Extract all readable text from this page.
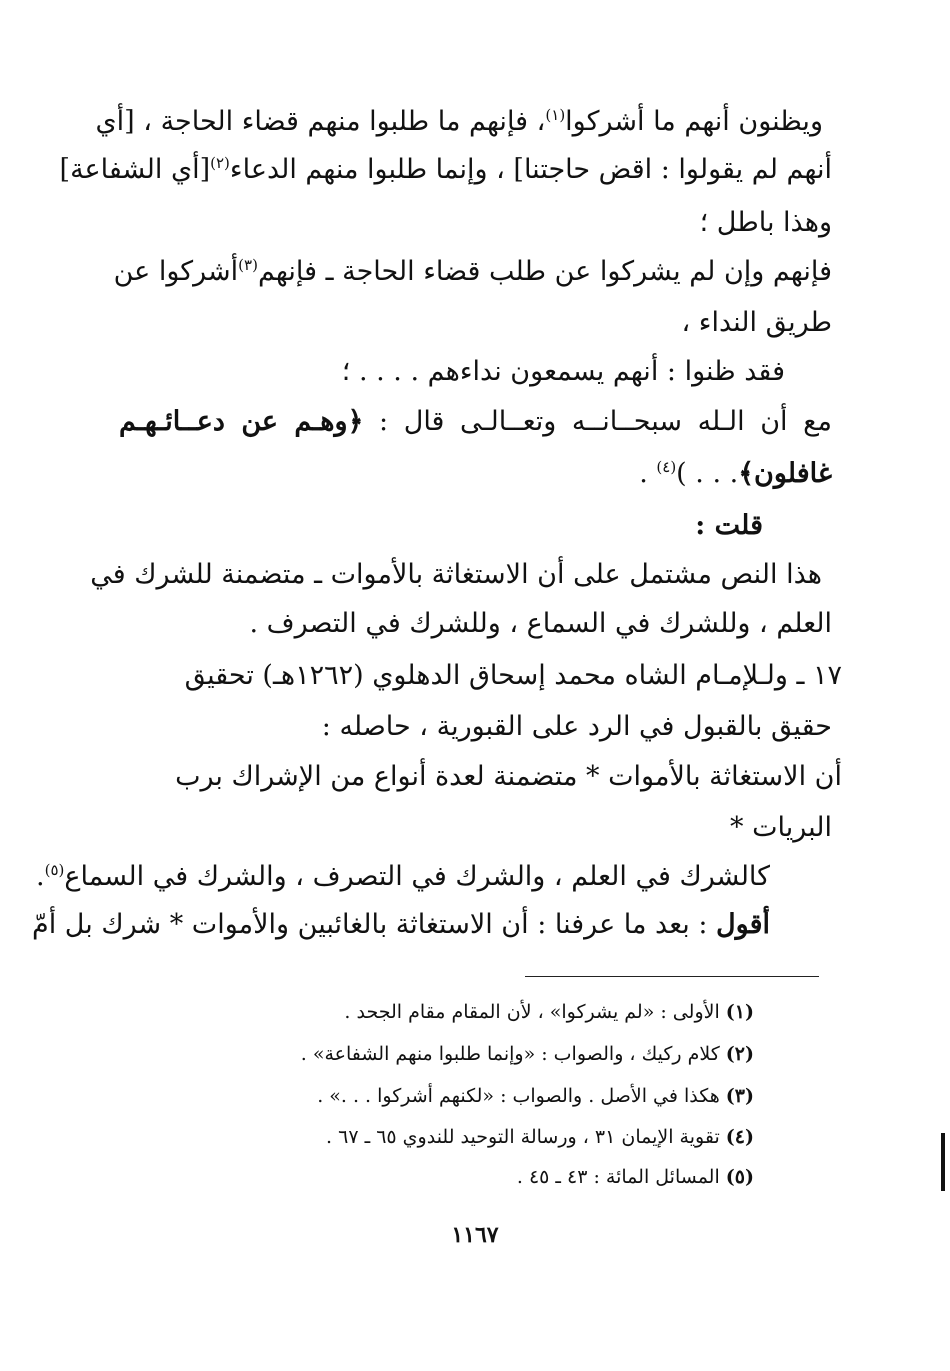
ويظنون أنهم ما أشركوا$^{(١)}$، فإنهم ما طلبوا منهم قضاء الحاجة ، [أي
أنهم لم يقولوا : اقض حاجتنا] ، وإنما طلبوا منهم الدعاء$^{(٢)}$[أي الشفاعة]
وهذا باطل ؛
فإنهم وإن لم يشركوا عن طلب قضاء الحاجة ـ فإنهم$^{(٣)}$أشركوا عن
طريق النداء ،
فقد ظنوا : أنهم يسمعون نداءهم . . . . ؛
مع أن الـله سبحــانــه وتعــالـى قال : ﴿وهـم عن دعــائـهـم
غافلون﴾. . . )$^{(٤)}$ .
قلت :
هذا النص مشتمل على أن الاستغاثة بالأموات ـ متضمنة للشرك في
العلم ، وللشرك في السماع ، وللشرك في التصرف .
١٧ ـ ولـلإمـام الشاه محمد إسحاق الدهلوي (١٢٦٢هـ) تحقيق
حقيق بالقبول في الرد على القبورية ، حاصله :
أن الاستغاثة بالأموات * متضمنة لعدة أنواع من الإشراك برب
البريات *
كالشرك في العلم ، والشرك في التصرف ، والشرك في السماع$^{(٥)}$.
أقول : بعد ما عرفنا : أن الاستغاثة بالغائبين والأموات * شرك بل أمّ
(١) الأولى : «لم يشركوا» ، لأن المقام مقام الجحد .
(٢) كلام ركيك ، والصواب : «وإنما طلبوا منهم الشفاعة» .
(٣) هكذا في الأصل . والصواب : «لكنهم أشركوا . . .» .
(٤) تقوية الإيمان ٣١ ، ورسالة التوحيد للندوي ٦٥ ـ ٦٧ .
(٥) المسائل المائة : ٤٣ ـ ٤٥ .
١١٦٧
